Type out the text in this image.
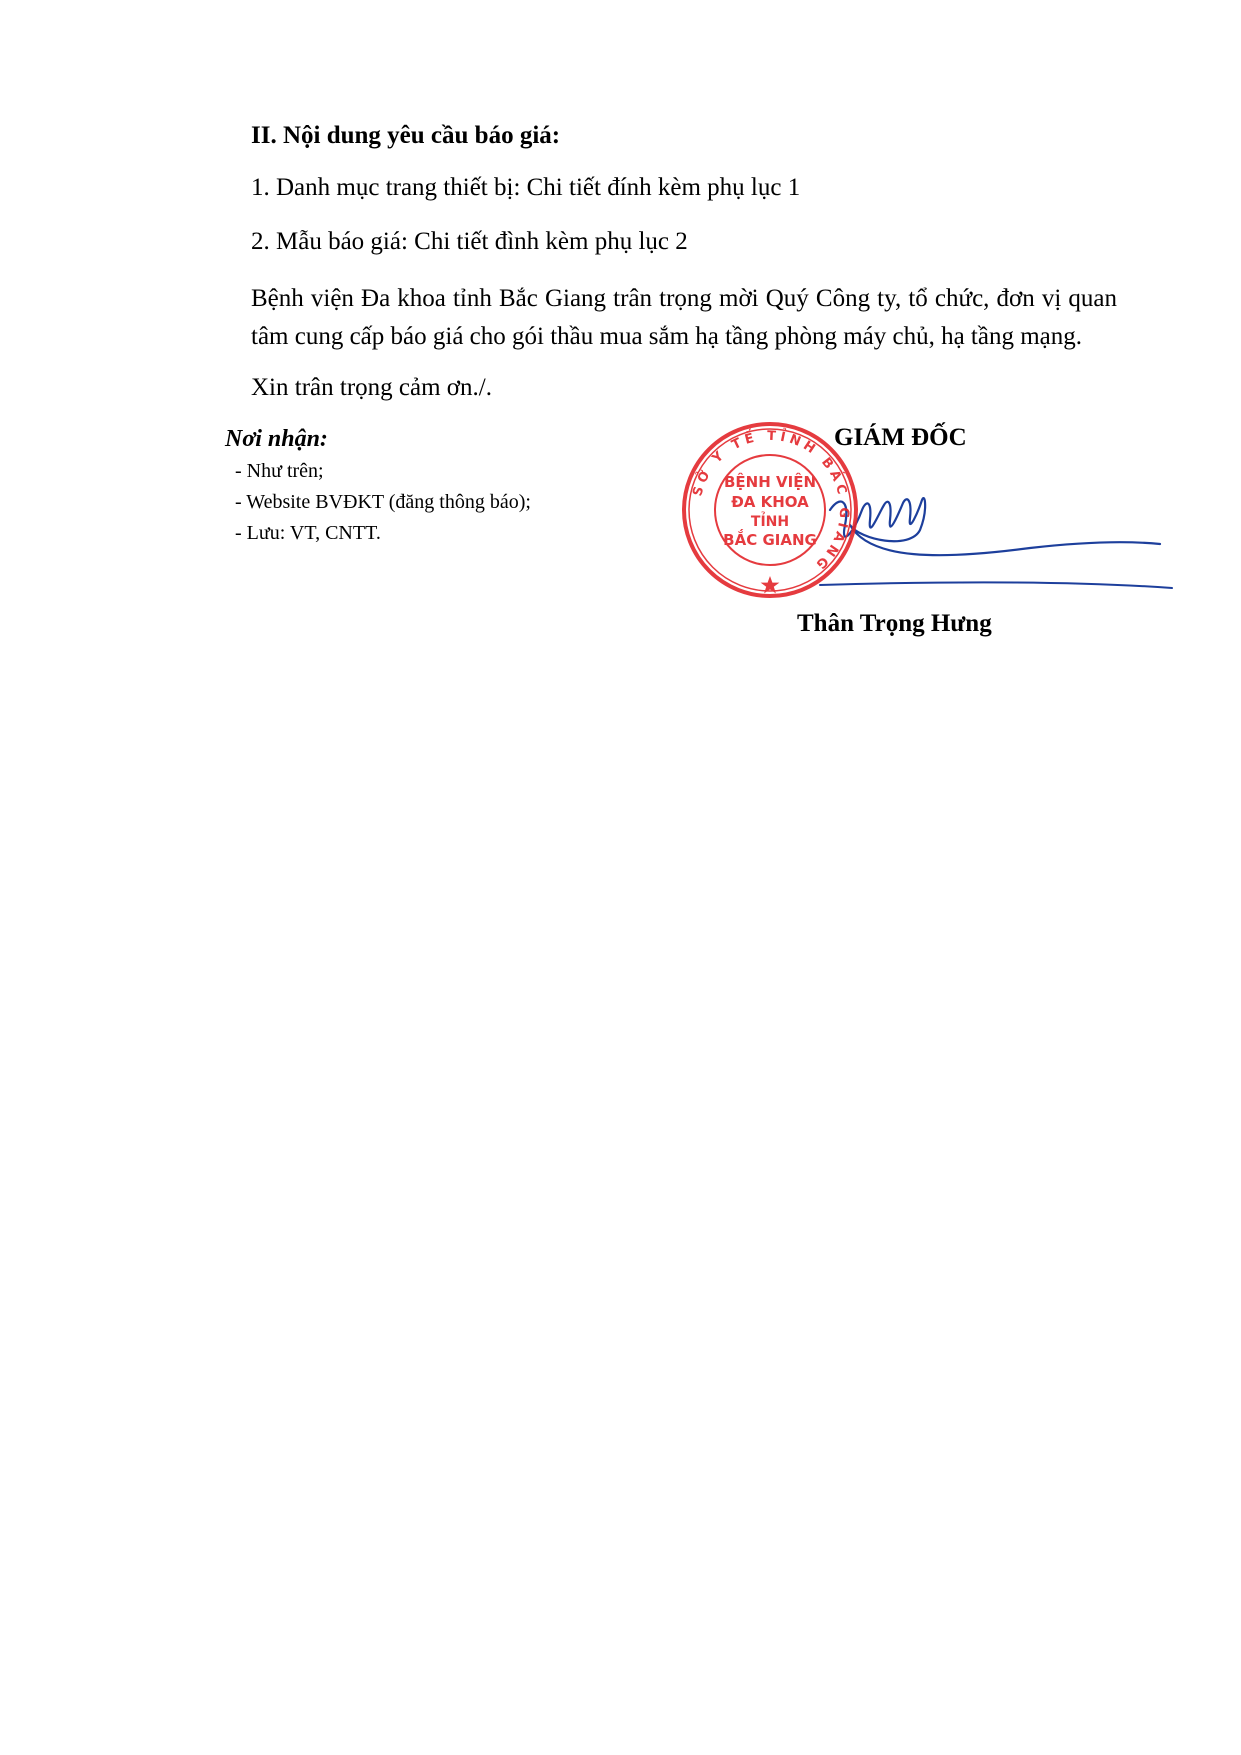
II. Nội dung yêu cầu báo giá:
1. Danh mục trang thiết bị: Chi tiết đính kèm phụ lục 1
2. Mẫu báo giá: Chi tiết đình kèm phụ lục 2
Bệnh viện Đa khoa tỉnh Bắc Giang trân trọng mời Quý Công ty, tổ chức, đơn vị quan tâm cung cấp báo giá cho gói thầu mua sắm hạ tầng phòng máy chủ, hạ tầng mạng.
Xin trân trọng cảm ơn./.
Nơi nhận:
- Như trên;
- Website BVĐKT (đăng thông báo);
- Lưu: VT, CNTT.
SỞ Y TẾ TỈNH BẮC GIANG
BỆNH VIỆN
ĐA KHOA
TỈNH
BẮC GIANG
GIÁM ĐỐC
Thân Trọng Hưng
